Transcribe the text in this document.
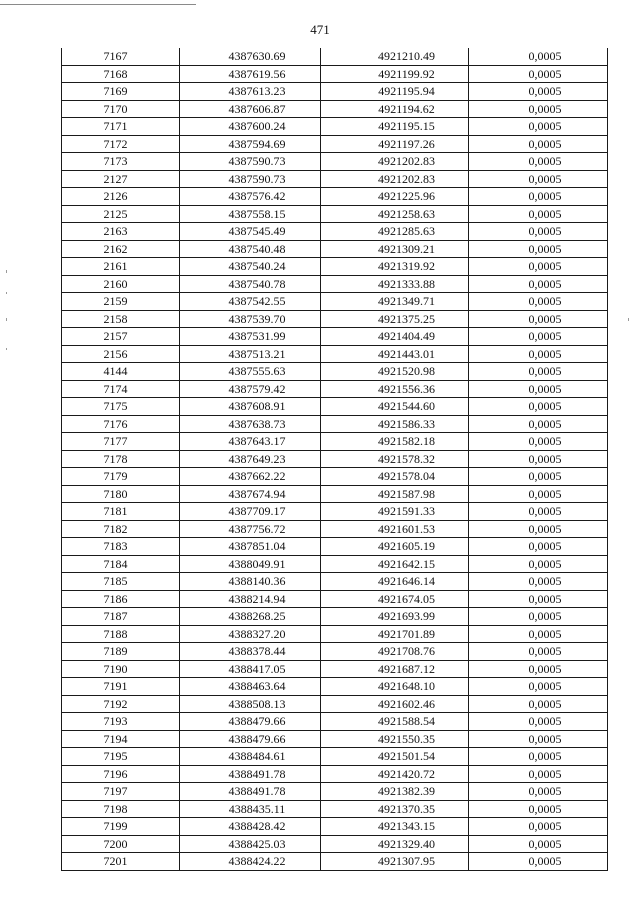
471
7167	4387630.69	4921210.49	0,0005
7168	4387619.56	4921199.92	0,0005
7169	4387613.23	4921195.94	0,0005
7170	4387606.87	4921194.62	0,0005
7171	4387600.24	4921195.15	0,0005
7172	4387594.69	4921197.26	0,0005
7173	4387590.73	4921202.83	0,0005
2127	4387590.73	4921202.83	0,0005
2126	4387576.42	4921225.96	0,0005
2125	4387558.15	4921258.63	0,0005
2163	4387545.49	4921285.63	0,0005
2162	4387540.48	4921309.21	0,0005
2161	4387540.24	4921319.92	0,0005
2160	4387540.78	4921333.88	0,0005
2159	4387542.55	4921349.71	0,0005
2158	4387539.70	4921375.25	0,0005
2157	4387531.99	4921404.49	0,0005
2156	4387513.21	4921443.01	0,0005
4144	4387555.63	4921520.98	0,0005
7174	4387579.42	4921556.36	0,0005
7175	4387608.91	4921544.60	0,0005
7176	4387638.73	4921586.33	0,0005
7177	4387643.17	4921582.18	0,0005
7178	4387649.23	4921578.32	0,0005
7179	4387662.22	4921578.04	0,0005
7180	4387674.94	4921587.98	0,0005
7181	4387709.17	4921591.33	0,0005
7182	4387756.72	4921601.53	0,0005
7183	4387851.04	4921605.19	0,0005
7184	4388049.91	4921642.15	0,0005
7185	4388140.36	4921646.14	0,0005
7186	4388214.94	4921674.05	0,0005
7187	4388268.25	4921693.99	0,0005
7188	4388327.20	4921701.89	0,0005
7189	4388378.44	4921708.76	0,0005
7190	4388417.05	4921687.12	0,0005
7191	4388463.64	4921648.10	0,0005
7192	4388508.13	4921602.46	0,0005
7193	4388479.66	4921588.54	0,0005
7194	4388479.66	4921550.35	0,0005
7195	4388484.61	4921501.54	0,0005
7196	4388491.78	4921420.72	0,0005
7197	4388491.78	4921382.39	0,0005
7198	4388435.11	4921370.35	0,0005
7199	4388428.42	4921343.15	0,0005
7200	4388425.03	4921329.40	0,0005
7201	4388424.22	4921307.95	0,0005
